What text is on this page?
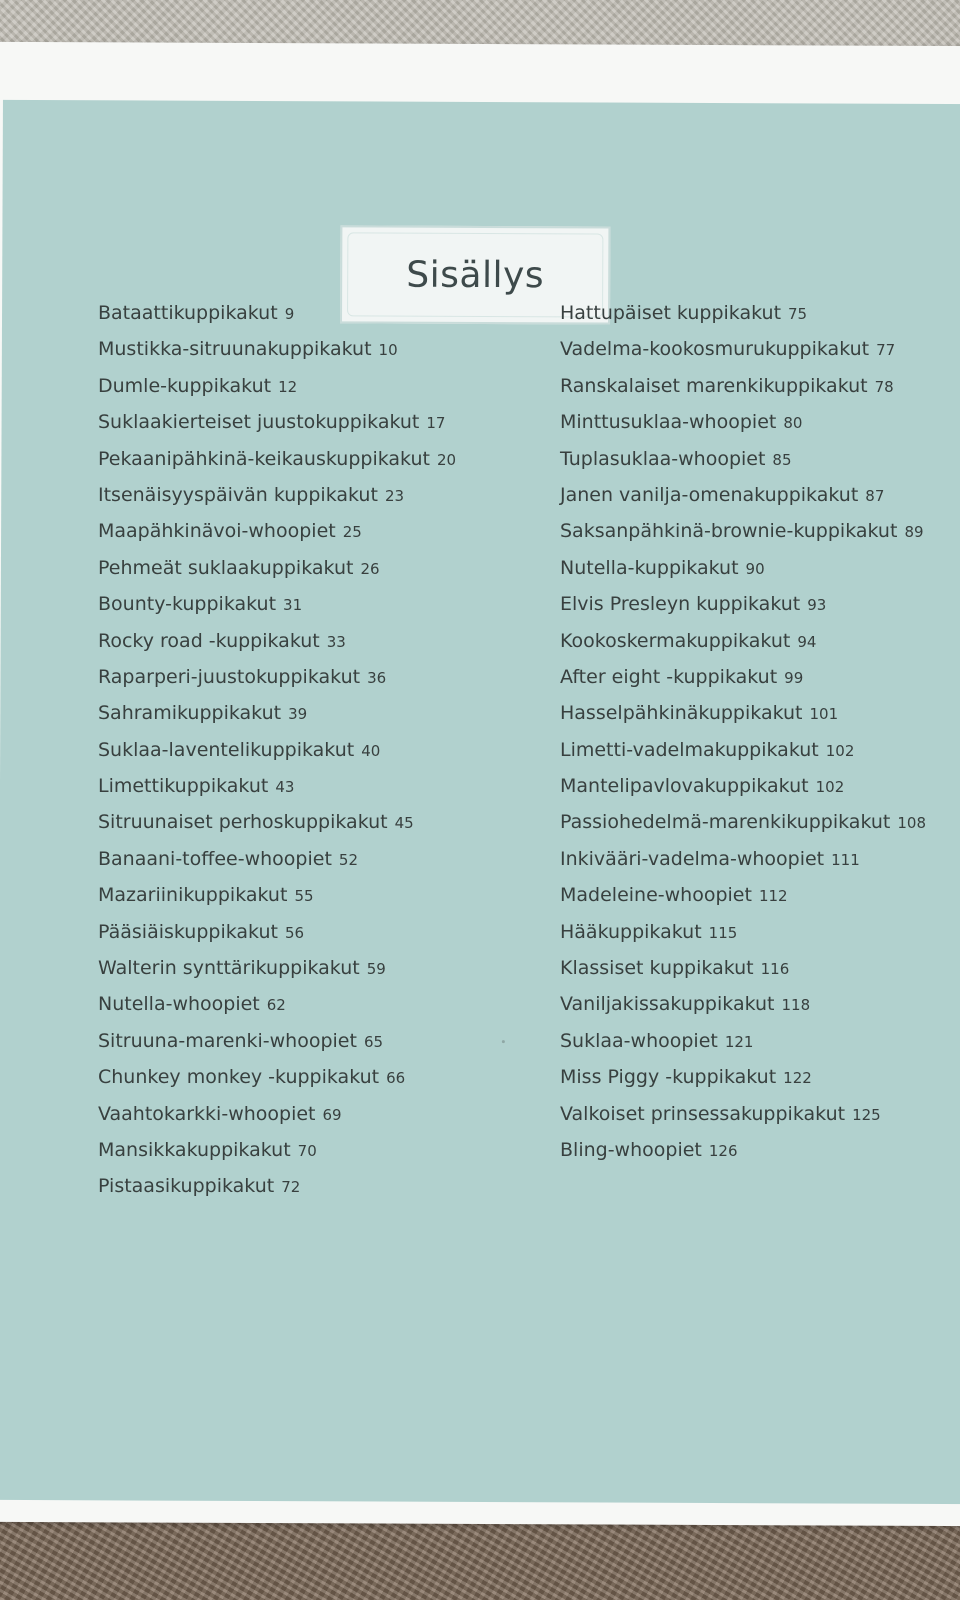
Sisällys
Bataattikuppikakut 9
Mustikka-sitruunakuppikakut 10
Dumle-kuppikakut 12
Suklaakierteiset juustokuppikakut 17
Pekaanipähkinä-keikauskuppikakut 20
Itsenäisyyspäivän kuppikakut 23
Maapähkinävoi-whoopiet 25
Pehmeät suklaakuppikakut 26
Bounty-kuppikakut 31
Rocky road -kuppikakut 33
Raparperi-juustokuppikakut 36
Sahramikuppikakut 39
Suklaa-laventelikuppikakut 40
Limettikuppikakut 43
Sitruunaiset perhoskuppikakut 45
Banaani-toffee-whoopiet 52
Mazariinikuppikakut 55
Pääsiäiskuppikakut 56
Walterin synttärikuppikakut 59
Nutella-whoopiet 62
Sitruuna-marenki-whoopiet 65
Chunkey monkey -kuppikakut 66
Vaahtokarkki-whoopiet 69
Mansikkakuppikakut 70
Pistaasikuppikakut 72
Hattupäiset kuppikakut 75
Vadelma-kookosmurukuppikakut 77
Ranskalaiset marenkikuppikakut 78
Minttusuklaa-whoopiet 80
Tuplasuklaa-whoopiet 85
Janen vanilja-omenakuppikakut 87
Saksanpähkinä-brownie-kuppikakut 89
Nutella-kuppikakut 90
Elvis Presleyn kuppikakut 93
Kookoskermakuppikakut 94
After eight -kuppikakut 99
Hasselpähkinäkuppikakut 101
Limetti-vadelmakuppikakut 102
Mantelipavlovakuppikakut 102
Passiohedelmä-marenkikuppikakut 108
Inkivääri-vadelma-whoopiet 111
Madeleine-whoopiet 112
Hääkuppikakut 115
Klassiset kuppikakut 116
Vaniljakissakuppikakut 118
Suklaa-whoopiet 121
Miss Piggy -kuppikakut 122
Valkoiset prinsessakuppikakut 125
Bling-whoopiet 126
